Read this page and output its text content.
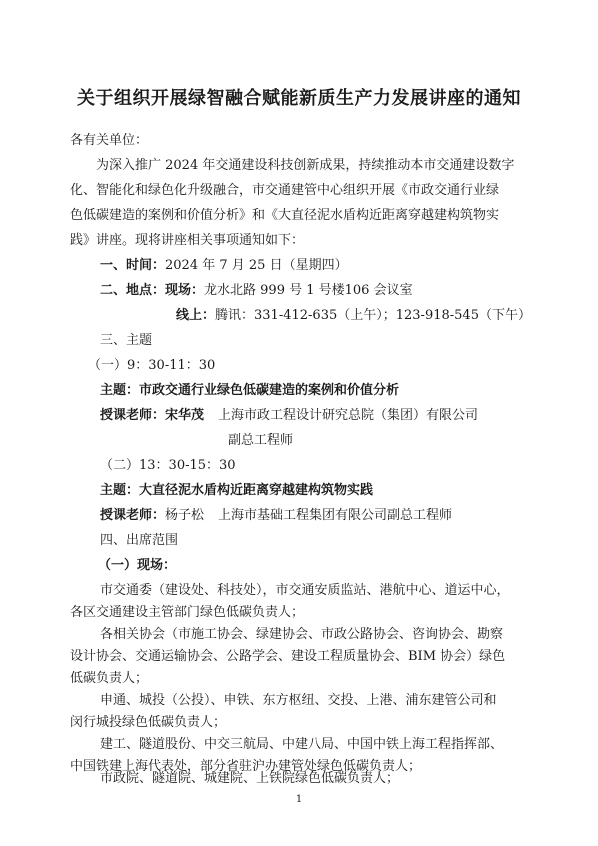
关于组织开展绿智融合赋能新质生产力发展讲座的通知
各有关单位：
为深入推广 2024 年交通建设科技创新成果，持续推动本市交通建设数字
化、智能化和绿色化升级融合，市交通建管中心组织开展《市政交通行业绿
色低碳建造的案例和价值分析》和《大直径泥水盾构近距离穿越建构筑物实
践》讲座。现将讲座相关事项通知如下：
一、时间：2024 年 7 月 25 日（星期四）
二、地点：现场：龙水北路 999 号 1 号楼106 会议室
线上：腾讯：331-412-635（上午）；123-918-545（下午）
三、主题
（一）9：30-11：30
主题：市政交通行业绿色低碳建造的案例和价值分析
授课老师：宋华茂 上海市政工程设计研究总院（集团）有限公司
副总工程师
（二）13：30-15：30
主题：大直径泥水盾构近距离穿越建构筑物实践
授课老师：杨子松 上海市基础工程集团有限公司副总工程师
四、出席范围
（一）现场：
市交通委（建设处、科技处），市交通安质监站、港航中心、道运中心，
各区交通建设主管部门绿色低碳负责人；
各相关协会（市施工协会、绿建协会、市政公路协会、咨询协会、勘察
设计协会、交通运输协会、公路学会、建设工程质量协会、BIM 协会）绿色
低碳负责人；
申通、城投（公投）、申铁、东方枢纽、交投、上港、浦东建管公司和
闵行城投绿色低碳负责人；
建工、隧道股份、中交三航局、中建八局、中国中铁上海工程指挥部、
中国铁建上海代表处，部分省驻沪办建管处绿色低碳负责人；
市政院、隧道院、城建院、上铁院绿色低碳负责人；
1
